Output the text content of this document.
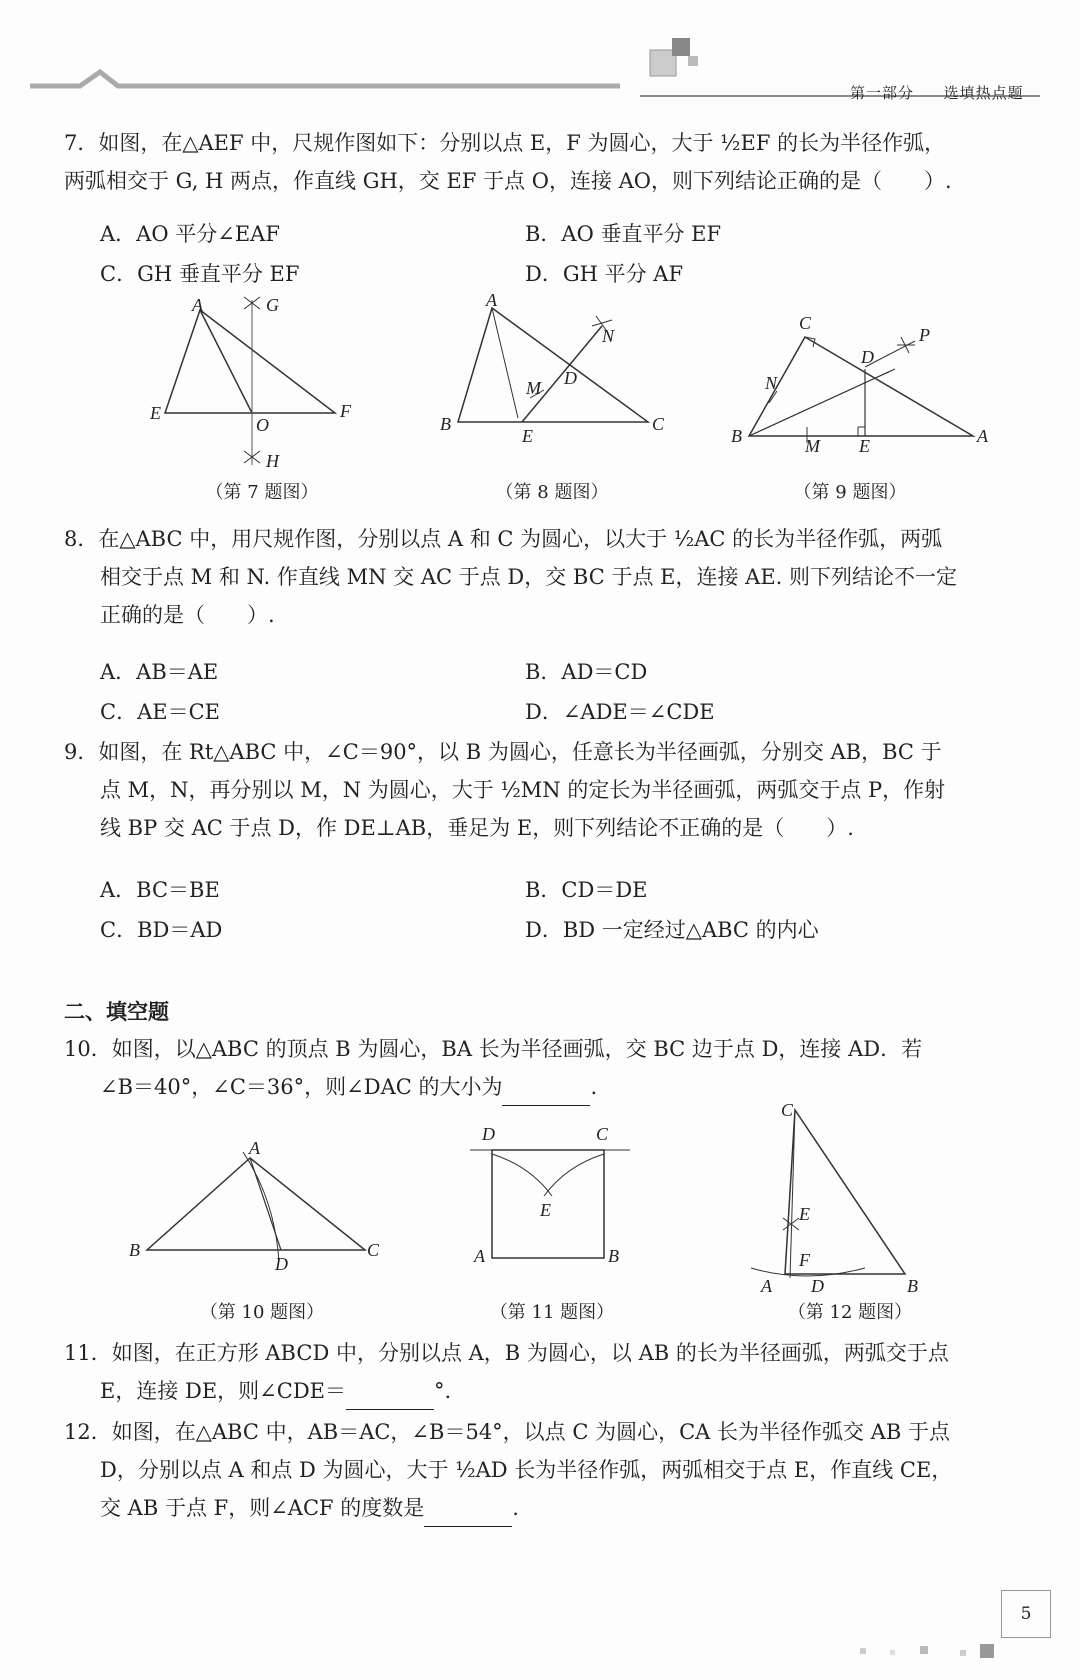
第一部分 选填热点题
7．如图，在△AEF 中，尺规作图如下：分别以点 E，F 为圆心，大于 ½EF 的长为半径作弧，
两弧相交于 G, H 两点，作直线 GH，交 EF 于点 O，连接 AO，则下列结论正确的是（　　）.
A．AO 平分∠EAF	B．AO 垂直平分 EF
C．GH 垂直平分 EF	D．GH 平分 AF
A	G
E
O
F
H
（第 7 题图）
A
N
M D
B
E
C
（第 8 题图）
C
P
N
D
B	M E	A
（第 9 题图）
8．在△ABC 中，用尺规作图，分别以点 A 和 C 为圆心，以大于 ½AC 的长为半径作弧，两弧
相交于点 M 和 N. 作直线 MN 交 AC 于点 D，交 BC 于点 E，连接 AE. 则下列结论不一定
正确的是（　　）.
A．AB＝AE	B．AD＝CD
C．AE＝CE	D．∠ADE＝∠CDE
9．如图，在 Rt△ABC 中，∠C＝90°，以 B 为圆心，任意长为半径画弧，分别交 AB，BC 于
点 M，N，再分别以 M，N 为圆心，大于 ½MN 的定长为半径画弧，两弧交于点 P，作射
线 BP 交 AC 于点 D，作 DE⊥AB，垂足为 E，则下列结论不正确的是（　　）.
A．BC＝BE	B．CD＝DE
C．BD＝AD	D．BD 一定经过△ABC 的内心
二、填空题
10．如图，以△ABC 的顶点 B 为圆心，BA 长为半径画弧，交 BC 边于点 D，连接 AD．若
∠B＝40°，∠C＝36°，则∠DAC 的大小为	.
A
B
D
C
（第 10 题图）
D	C
E
A	B
（第 11 题图）
C
E
F
A D	B
（第 12 题图）
11．如图，在正方形 ABCD 中，分别以点 A，B 为圆心，以 AB 的长为半径画弧，两弧交于点
E，连接 DE，则∠CDE＝	°.
12．如图，在△ABC 中，AB＝AC，∠B＝54°，以点 C 为圆心，CA 长为半径作弧交 AB 于点
D，分别以点 A 和点 D 为圆心，大于 ½AD 长为半径作弧，两弧相交于点 E，作直线 CE，
交 AB 于点 F，则∠ACF 的度数是	.
5
